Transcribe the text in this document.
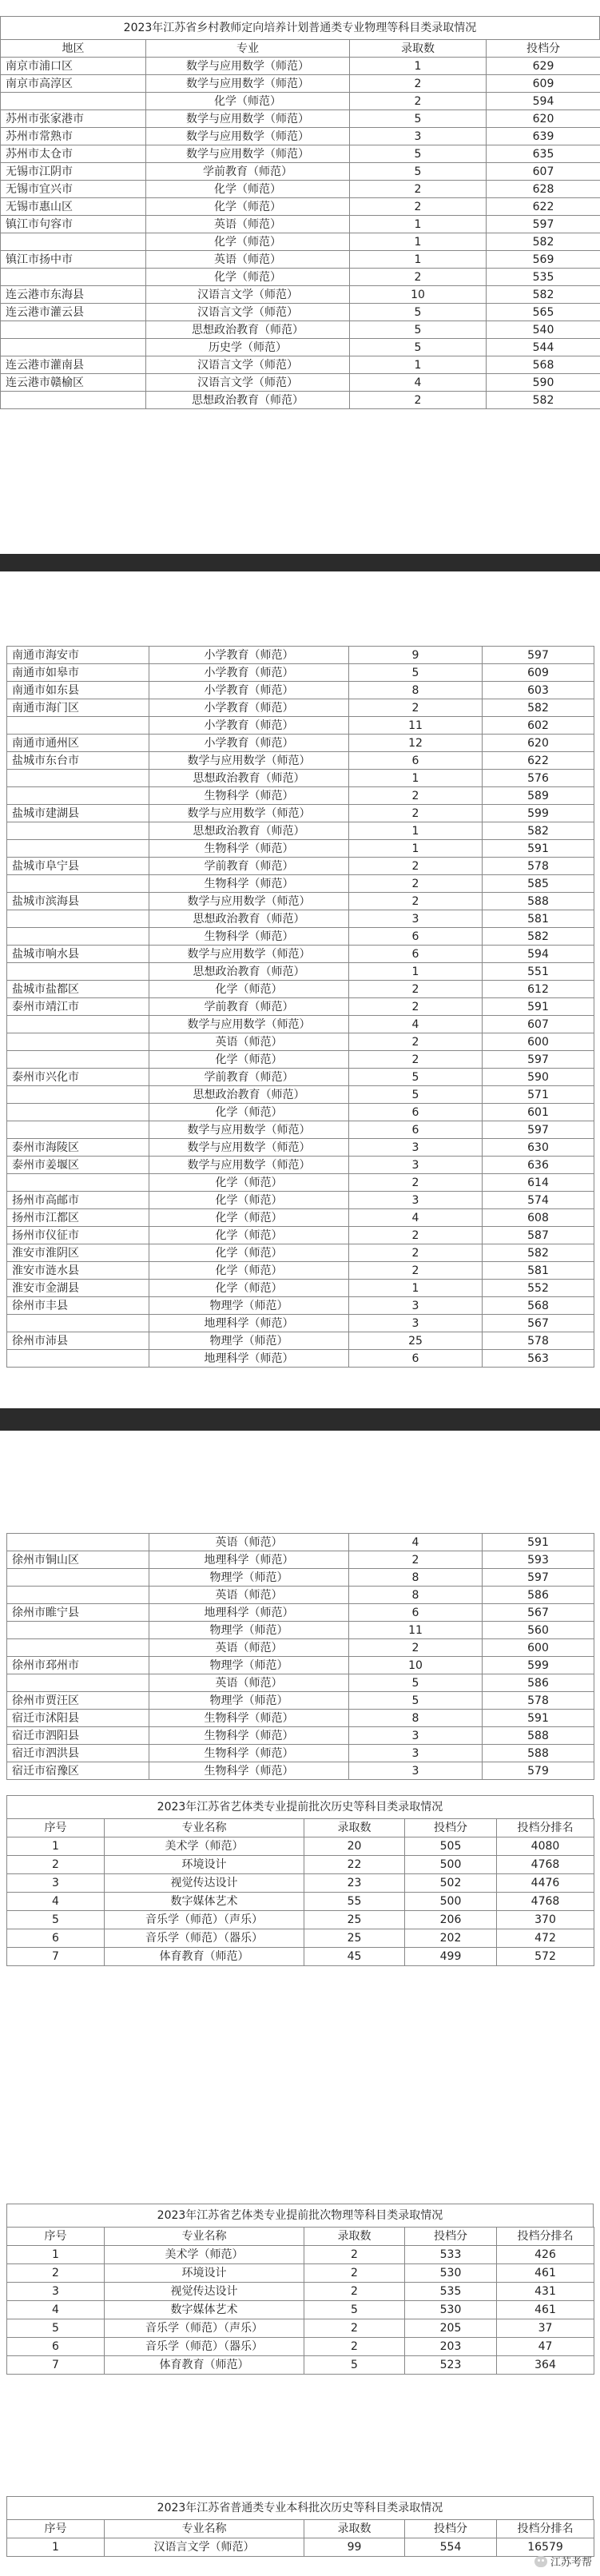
2023年江苏省乡村教师定向培养计划普通类专业物理等科目类录取情况
地区	专业	录取数	投档分
南京市浦口区	数学与应用数学（师范）	1	629
南京市高淳区	数学与应用数学（师范）	2	609
	化学（师范）	2	594
苏州市张家港市	数学与应用数学（师范）	5	620
苏州市常熟市	数学与应用数学（师范）	3	639
苏州市太仓市	数学与应用数学（师范）	5	635
无锡市江阴市	学前教育（师范）	5	607
无锡市宜兴市	化学（师范）	2	628
无锡市惠山区	化学（师范）	2	622
镇江市句容市	英语（师范）	1	597
	化学（师范）	1	582
镇江市扬中市	英语（师范）	1	569
	化学（师范）	2	535
连云港市东海县	汉语言文学（师范）	10	582
连云港市灌云县	汉语言文学（师范）	5	565
	思想政治教育（师范）	5	540
	历史学（师范）	5	544
连云港市灌南县	汉语言文学（师范）	1	568
连云港市赣榆区	汉语言文学（师范）	4	590
	思想政治教育（师范）	2	582
南通市海安市	小学教育（师范）	9	597
南通市如皋市	小学教育（师范）	5	609
南通市如东县	小学教育（师范）	8	603
南通市海门区	小学教育（师范）	2	582
	小学教育（师范）	11	602
南通市通州区	小学教育（师范）	12	620
盐城市东台市	数学与应用数学（师范）	6	622
	思想政治教育（师范）	1	576
	生物科学（师范）	2	589
盐城市建湖县	数学与应用数学（师范）	2	599
	思想政治教育（师范）	1	582
	生物科学（师范）	1	591
盐城市阜宁县	学前教育（师范）	2	578
	生物科学（师范）	2	585
盐城市滨海县	数学与应用数学（师范）	2	588
	思想政治教育（师范）	3	581
	生物科学（师范）	6	582
盐城市响水县	数学与应用数学（师范）	6	594
	思想政治教育（师范）	1	551
盐城市盐都区	化学（师范）	2	612
泰州市靖江市	学前教育（师范）	2	591
	数学与应用数学（师范）	4	607
	英语（师范）	2	600
	化学（师范）	2	597
泰州市兴化市	学前教育（师范）	5	590
	思想政治教育（师范）	5	571
	化学（师范）	6	601
	数学与应用数学（师范）	6	597
泰州市海陵区	数学与应用数学（师范）	3	630
泰州市姜堰区	数学与应用数学（师范）	3	636
	化学（师范）	2	614
扬州市高邮市	化学（师范）	3	574
扬州市江都区	化学（师范）	4	608
扬州市仪征市	化学（师范）	2	587
淮安市淮阴区	化学（师范）	2	582
淮安市涟水县	化学（师范）	2	581
淮安市金湖县	化学（师范）	1	552
徐州市丰县	物理学（师范）	3	568
	地理科学（师范）	3	567
徐州市沛县	物理学（师范）	25	578
	地理科学（师范）	6	563
	英语（师范）	4	591
徐州市铜山区	地理科学（师范）	2	593
	物理学（师范）	8	597
	英语（师范）	8	586
徐州市睢宁县	地理科学（师范）	6	567
	物理学（师范）	11	560
	英语（师范）	2	600
徐州市邳州市	物理学（师范）	10	599
	英语（师范）	5	586
徐州市贾汪区	物理学（师范）	5	578
宿迁市沭阳县	生物科学（师范）	8	591
宿迁市泗阳县	生物科学（师范）	3	588
宿迁市泗洪县	生物科学（师范）	3	588
宿迁市宿豫区	生物科学（师范）	3	579
2023年江苏省艺体类专业提前批次历史等科目类录取情况
序号	专业名称	录取数	投档分	投档分排名
1	美术学（师范）	20	505	4080
2	环境设计	22	500	4768
3	视觉传达设计	23	502	4476
4	数字媒体艺术	55	500	4768
5	音乐学（师范）（声乐）	25	206	370
6	音乐学（师范）（器乐）	25	202	472
7	体育教育（师范）	45	499	572
2023年江苏省艺体类专业提前批次物理等科目类录取情况
序号	专业名称	录取数	投档分	投档分排名
1	美术学（师范）	2	533	426
2	环境设计	2	530	461
3	视觉传达设计	2	535	431
4	数字媒体艺术	5	530	461
5	音乐学（师范）（声乐）	2	205	37
6	音乐学（师范）（器乐）	2	203	47
7	体育教育（师范）	5	523	364
2023年江苏省普通类专业本科批次历史等科目类录取情况
序号	专业名称	录取数	投档分	投档分排名
1	汉语言文学（师范）	99	554	16579
江苏考帮
